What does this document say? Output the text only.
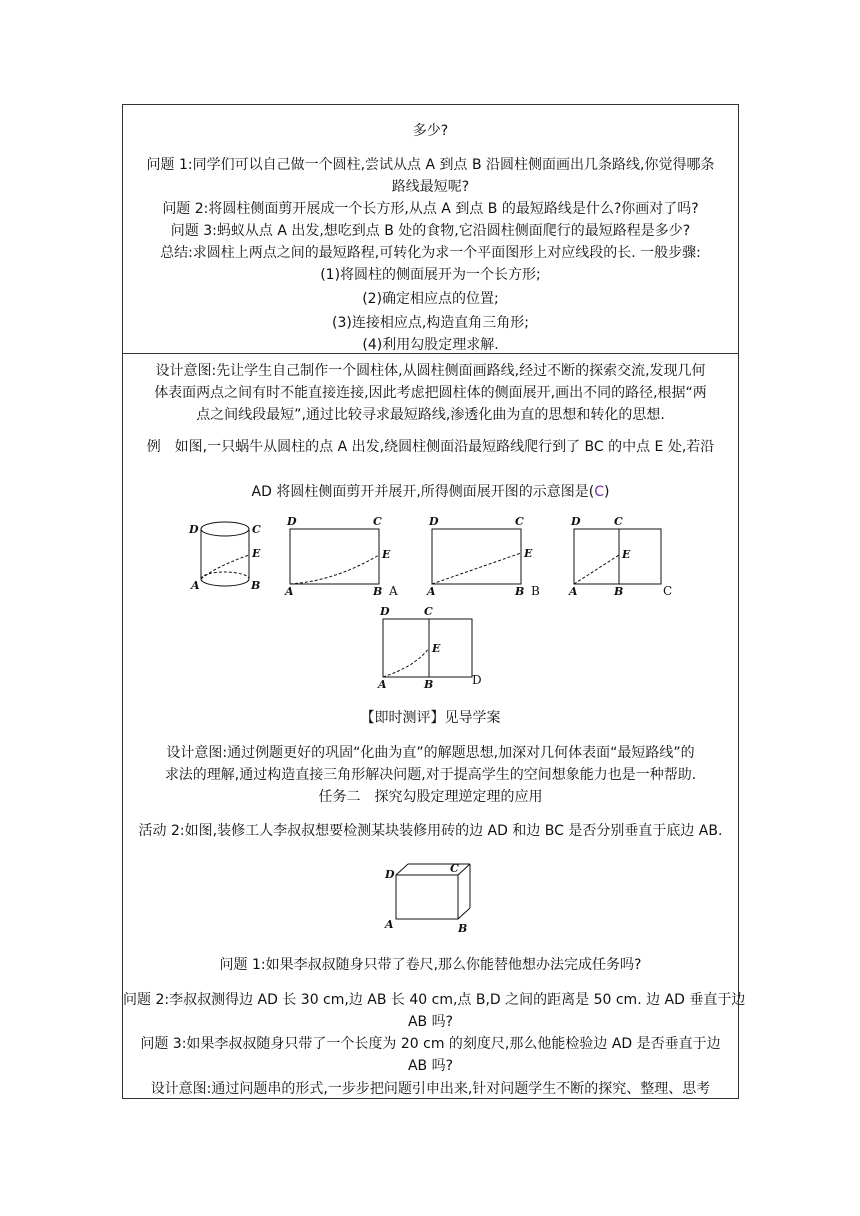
多少?
问题 1:同学们可以自己做一个圆柱,尝试从点 A 到点 B 沿圆柱侧面画出几条路线,你觉得哪条
路线最短呢?
问题 2:将圆柱侧面剪开展成一个长方形,从点 A 到点 B 的最短路线是什么?你画对了吗?
问题 3:蚂蚁从点 A 出发,想吃到点 B 处的食物,它沿圆柱侧面爬行的最短路程是多少?
总结:求圆柱上两点之间的最短路程,可转化为求一个平面图形上对应线段的长. 一般步骤:
(1)将圆柱的侧面展开为一个长方形;
(2)确定相应点的位置;
(3)连接相应点,构造直角三角形;
(4)利用勾股定理求解.
设计意图:先让学生自己制作一个圆柱体,从圆柱侧面画路线,经过不断的探索交流,发现几何
体表面两点之间有时不能直接连接,因此考虑把圆柱体的侧面展开,画出不同的路径,根据“两
点之间线段最短”,通过比较寻求最短路线,渗透化曲为直的思想和转化的思想.
例　如图,一只蜗牛从圆柱的点 A 出发,绕圆柱侧面沿最短路线爬行到了 BC 的中点 E 处,若沿
AD 将圆柱侧面剪开并展开,所得侧面展开图的示意图是(C)
【即时测评】见导学案
设计意图:通过例题更好的巩固“化曲为直”的解题思想,加深对几何体表面“最短路线”的
求法的理解,通过构造直接三角形解决问题,对于提高学生的空间想象能力也是一种帮助.
任务二　探究勾股定理逆定理的应用
活动 2:如图,装修工人李叔叔想要检测某块装修用砖的边 AD 和边 BC 是否分别垂直于底边 AB.
问题 1:如果李叔叔随身只带了卷尺,那么你能替他想办法完成任务吗?
问题 2:李叔叔测得边 AD 长 30 cm,边 AB 长 40 cm,点 B,D 之间的距离是 50 cm. 边 AD 垂直于边
AB 吗?
问题 3:如果李叔叔随身只带了一个长度为 20 cm 的刻度尺,那么他能检验边 AD 是否垂直于边
AB 吗?
设计意图:通过问题串的形式,一步步把问题引申出来,针对问题学生不断的探究、整理、思考
D	C
E
A	B
D	C
E
A	B A
D	C
E
A	B B
D	C
E
A	B	C
D	C
E
A	B	D
D	C
A	B
